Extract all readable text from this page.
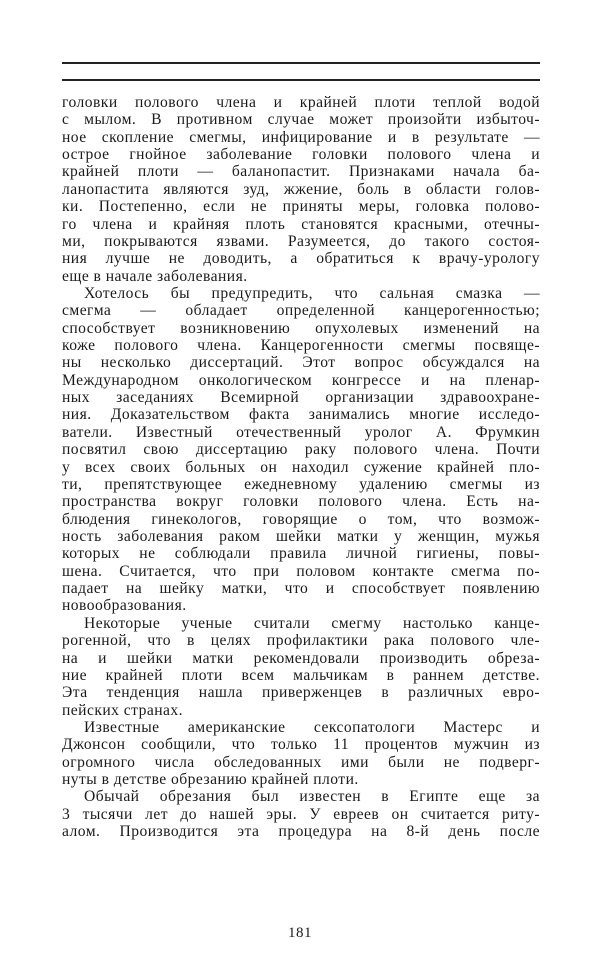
головки полового члена и крайней плоти теплой водой
с мылом. В противном случае может произойти избыточ-
ное скопление смегмы, инфицирование и в результате —
острое гнойное заболевание головки полового члена и
крайней плоти — баланопастит. Признаками начала ба-
ланопастита являются зуд, жжение, боль в области голов-
ки. Постепенно, если не приняты меры, головка полово-
го члена и крайняя плоть становятся красными, отечны-
ми, покрываются язвами. Разумеется, до такого состоя-
ния лучше не доводить, а обратиться к врачу-урологу
еще в начале заболевания.
Хотелось бы предупредить, что сальная смазка —
смегма — обладает определенной канцерогенностью;
способствует возникновению опухолевых изменений на
коже полового члена. Канцерогенности смегмы посвяще-
ны несколько диссертаций. Этот вопрос обсуждался на
Международном онкологическом конгрессе и на пленар-
ных заседаниях Всемирной организации здравоохране-
ния. Доказательством факта занимались многие исследо-
ватели. Известный отечественный уролог А. Фрумкин
посвятил свою диссертацию раку полового члена. Почти
у всех своих больных он находил сужение крайней пло-
ти, препятствующее ежедневному удалению смегмы из
пространства вокруг головки полового члена. Есть на-
блюдения гинекологов, говорящие о том, что возмож-
ность заболевания раком шейки матки у женщин, мужья
которых не соблюдали правила личной гигиены, повы-
шена. Считается, что при половом контакте смегма по-
падает на шейку матки, что и способствует появлению
новообразования.
Некоторые ученые считали смегму настолько канце-
рогенной, что в целях профилактики рака полового чле-
на и шейки матки рекомендовали производить обреза-
ние крайней плоти всем мальчикам в раннем детстве.
Эта тенденция нашла приверженцев в различных евро-
пейских странах.
Известные американские сексопатологи Мастерс и
Джонсон сообщили, что только 11 процентов мужчин из
огромного числа обследованных ими были не подверг-
нуты в детстве обрезанию крайней плоти.
Обычай обрезания был известен в Египте еще за
3 тысячи лет до нашей эры. У евреев он считается риту-
алом. Производится эта процедура на 8-й день после
181
